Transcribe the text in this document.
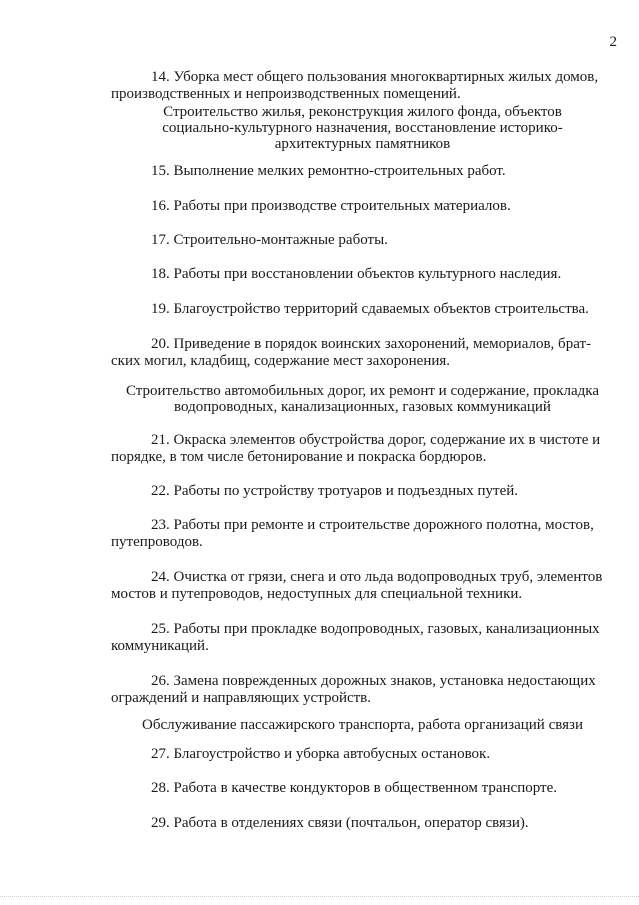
2
14. Уборка мест общего пользования многоквартирных жилых домов,
производственных и непроизводственных помещений.
Строительство жилья, реконструкция жилого фонда, объектов
социально-культурного назначения, восстановление историко-
архитектурных памятников
15. Выполнение мелких ремонтно-строительных работ.
16. Работы при производстве строительных материалов.
17. Строительно-монтажные работы.
18. Работы при восстановлении объектов культурного наследия.
19. Благоустройство территорий сдаваемых объектов строительства.
20. Приведение в порядок воинских захоронений, мемориалов, брат-
ских могил, кладбищ, содержание мест захоронения.
Строительство автомобильных дорог, их ремонт и содержание, прокладка
водопроводных, канализационных, газовых коммуникаций
21. Окраска элементов обустройства дорог, содержание их в чистоте и
порядке, в том числе бетонирование и покраска бордюров.
22. Работы по устройству тротуаров и подъездных путей.
23. Работы при ремонте и строительстве дорожного полотна, мостов,
путепроводов.
24. Очистка от грязи, снега и ото льда водопроводных труб, элементов
мостов и путепроводов, недоступных для специальной техники.
25. Работы при прокладке водопроводных, газовых, канализационных
коммуникаций.
26. Замена поврежденных дорожных знаков, установка недостающих
ограждений и направляющих устройств.
Обслуживание пассажирского транспорта, работа организаций связи
27. Благоустройство и уборка автобусных остановок.
28. Работа в качестве кондукторов в общественном транспорте.
29. Работа в отделениях связи (почтальон, оператор связи).
